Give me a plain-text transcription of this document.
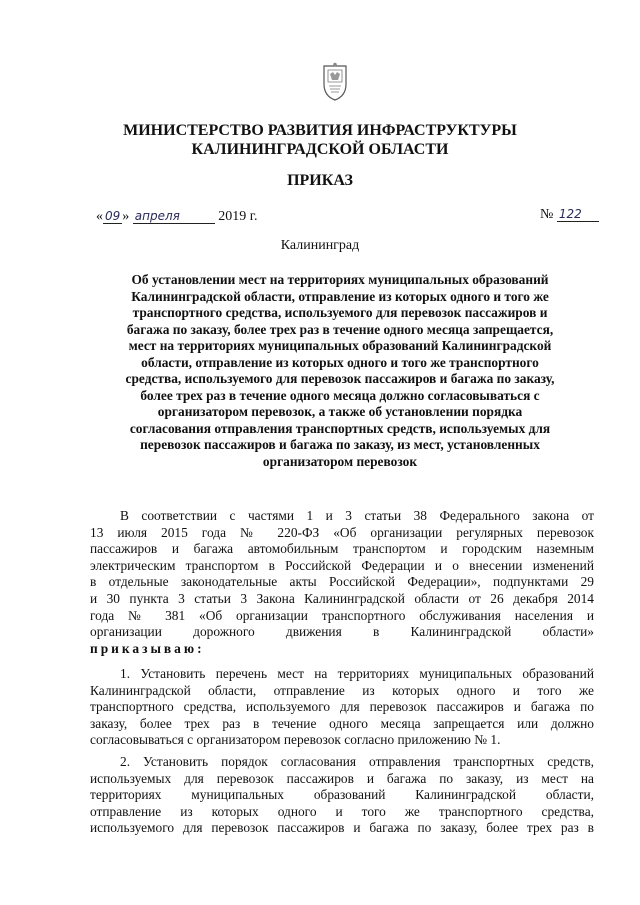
МИНИСТЕРСТВО РАЗВИТИЯ ИНФРАСТРУКТУРЫ
КАЛИНИНГРАДСКОЙ ОБЛАСТИ
ПРИКАЗ
« 09 » апреля	2019 г.	№ 122
Калининград
Об установлении мест на территориях муниципальных образований
Калининградской области, отправление из которых одного и того же
транспортного средства, используемого для перевозок пассажиров и
багажа по заказу, более трех раз в течение одного месяца запрещается,
мест на территориях муниципальных образований Калининградской
области, отправление из которых одного и того же транспортного
средства, используемого для перевозок пассажиров и багажа по заказу,
более трех раз в течение одного месяца должно согласовываться с
организатором перевозок, а также об установлении порядка
согласования отправления транспортных средств, используемых для
перевозок пассажиров и багажа по заказу, из мест, установленных
организатором перевозок
В соответствии с частями 1 и 3 статьи 38 Федерального закона от
13 июля 2015 года № 220-ФЗ «Об организации регулярных перевозок
пассажиров и багажа автомобильным транспортом и городским наземным
электрическим транспортом в Российской Федерации и о внесении изменений
в отдельные законодательные акты Российской Федерации», подпунктами 29
и 30 пункта 3 статьи 3 Закона Калининградской области от 26 декабря 2014
года № 381 «Об организации транспортного обслуживания населения и
организации дорожного движения в Калининградской области»
приказываю:
1. Установить перечень мест на территориях муниципальных образований
Калининградской области, отправление из которых одного и того же
транспортного средства, используемого для перевозок пассажиров и багажа по
заказу, более трех раз в течение одного месяца запрещается или должно
согласовываться с организатором перевозок согласно приложению № 1.
2. Установить порядок согласования отправления транспортных средств,
используемых для перевозок пассажиров и багажа по заказу, из мест на
территориях муниципальных образований Калининградской области,
отправление из которых одного и того же транспортного средства,
используемого для перевозок пассажиров и багажа по заказу, более трех раз в
